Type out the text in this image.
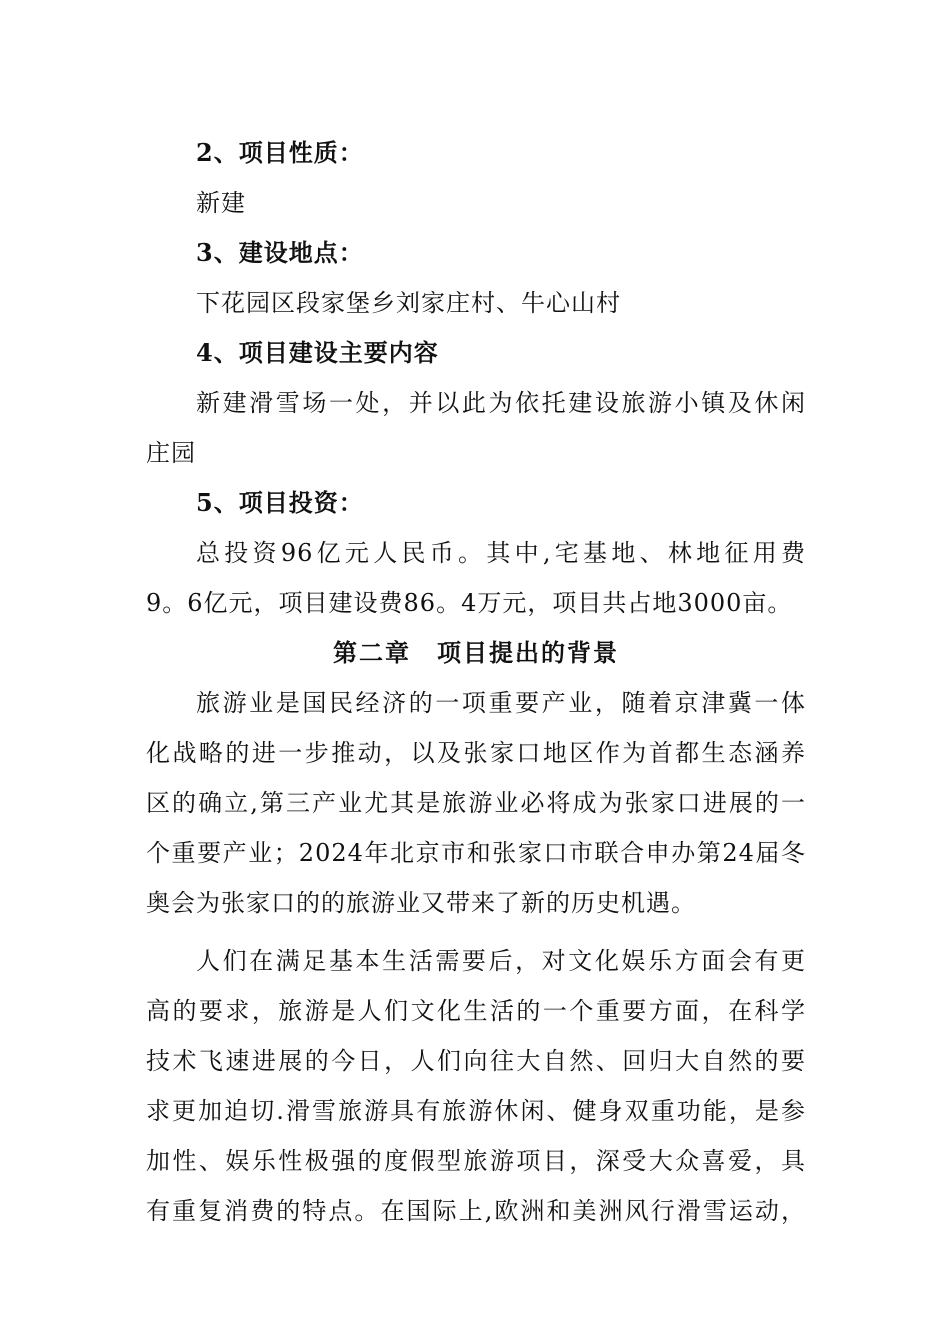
2、项目性质：
新建
3、建设地点：
下花园区段家堡乡刘家庄村、牛心山村
4、项目建设主要内容
新建滑雪场一处，并以此为依托建设旅游小镇及休闲
庄园
5、项目投资：
总投资96亿元人民币。其中,宅基地、林地征用费
9。6亿元，项目建设费86。4万元，项目共占地3000亩。
第二章　项目提出的背景
旅游业是国民经济的一项重要产业，随着京津冀一体
化战略的进一步推动，以及张家口地区作为首都生态涵养
区的确立,第三产业尤其是旅游业必将成为张家口进展的一
个重要产业；2024年北京市和张家口市联合申办第24届冬
奥会为张家口的的旅游业又带来了新的历史机遇。
人们在满足基本生活需要后，对文化娱乐方面会有更
高的要求，旅游是人们文化生活的一个重要方面，在科学
技术飞速进展的今日，人们向往大自然、回归大自然的要
求更加迫切.滑雪旅游具有旅游休闲、健身双重功能，是参
加性、娱乐性极强的度假型旅游项目，深受大众喜爱，具
有重复消费的特点。在国际上,欧洲和美洲风行滑雪运动，
